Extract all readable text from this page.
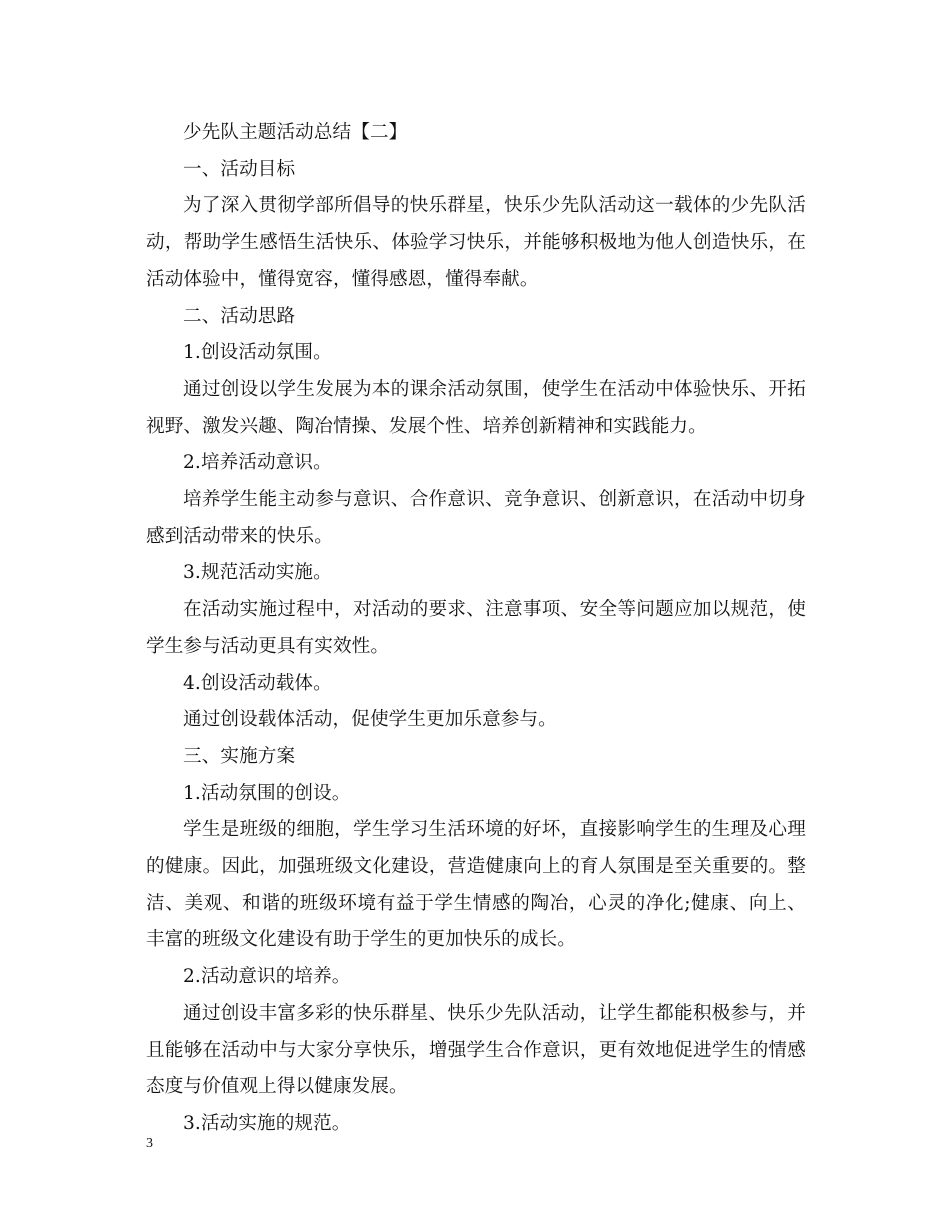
少先队主题活动总结【二】

一、活动目标

为了深入贯彻学部所倡导的快乐群星，快乐少先队活动这一载体的少先队活动，帮助学生感悟生活快乐、体验学习快乐，并能够积极地为他人创造快乐，在活动体验中，懂得宽容，懂得感恩，懂得奉献。

二、活动思路

1.创设活动氛围。

通过创设以学生发展为本的课余活动氛围，使学生在活动中体验快乐、开拓视野、激发兴趣、陶冶情操、发展个性、培养创新精神和实践能力。

2.培养活动意识。

培养学生能主动参与意识、合作意识、竞争意识、创新意识，在活动中切身感到活动带来的快乐。

3.规范活动实施。

在活动实施过程中，对活动的要求、注意事项、安全等问题应加以规范，使学生参与活动更具有实效性。

4.创设活动载体。

通过创设载体活动，促使学生更加乐意参与。

三、实施方案

1.活动氛围的创设。

学生是班级的细胞，学生学习生活环境的好坏，直接影响学生的生理及心理的健康。因此，加强班级文化建设，营造健康向上的育人氛围是至关重要的。整洁、美观、和谐的班级环境有益于学生情感的陶冶，心灵的净化;健康、向上、丰富的班级文化建设有助于学生的更加快乐的成长。

2.活动意识的培养。

通过创设丰富多彩的快乐群星、快乐少先队活动，让学生都能积极参与，并且能够在活动中与大家分享快乐，增强学生合作意识，更有效地促进学生的情感态度与价值观上得以健康发展。

3.活动实施的规范。

3
